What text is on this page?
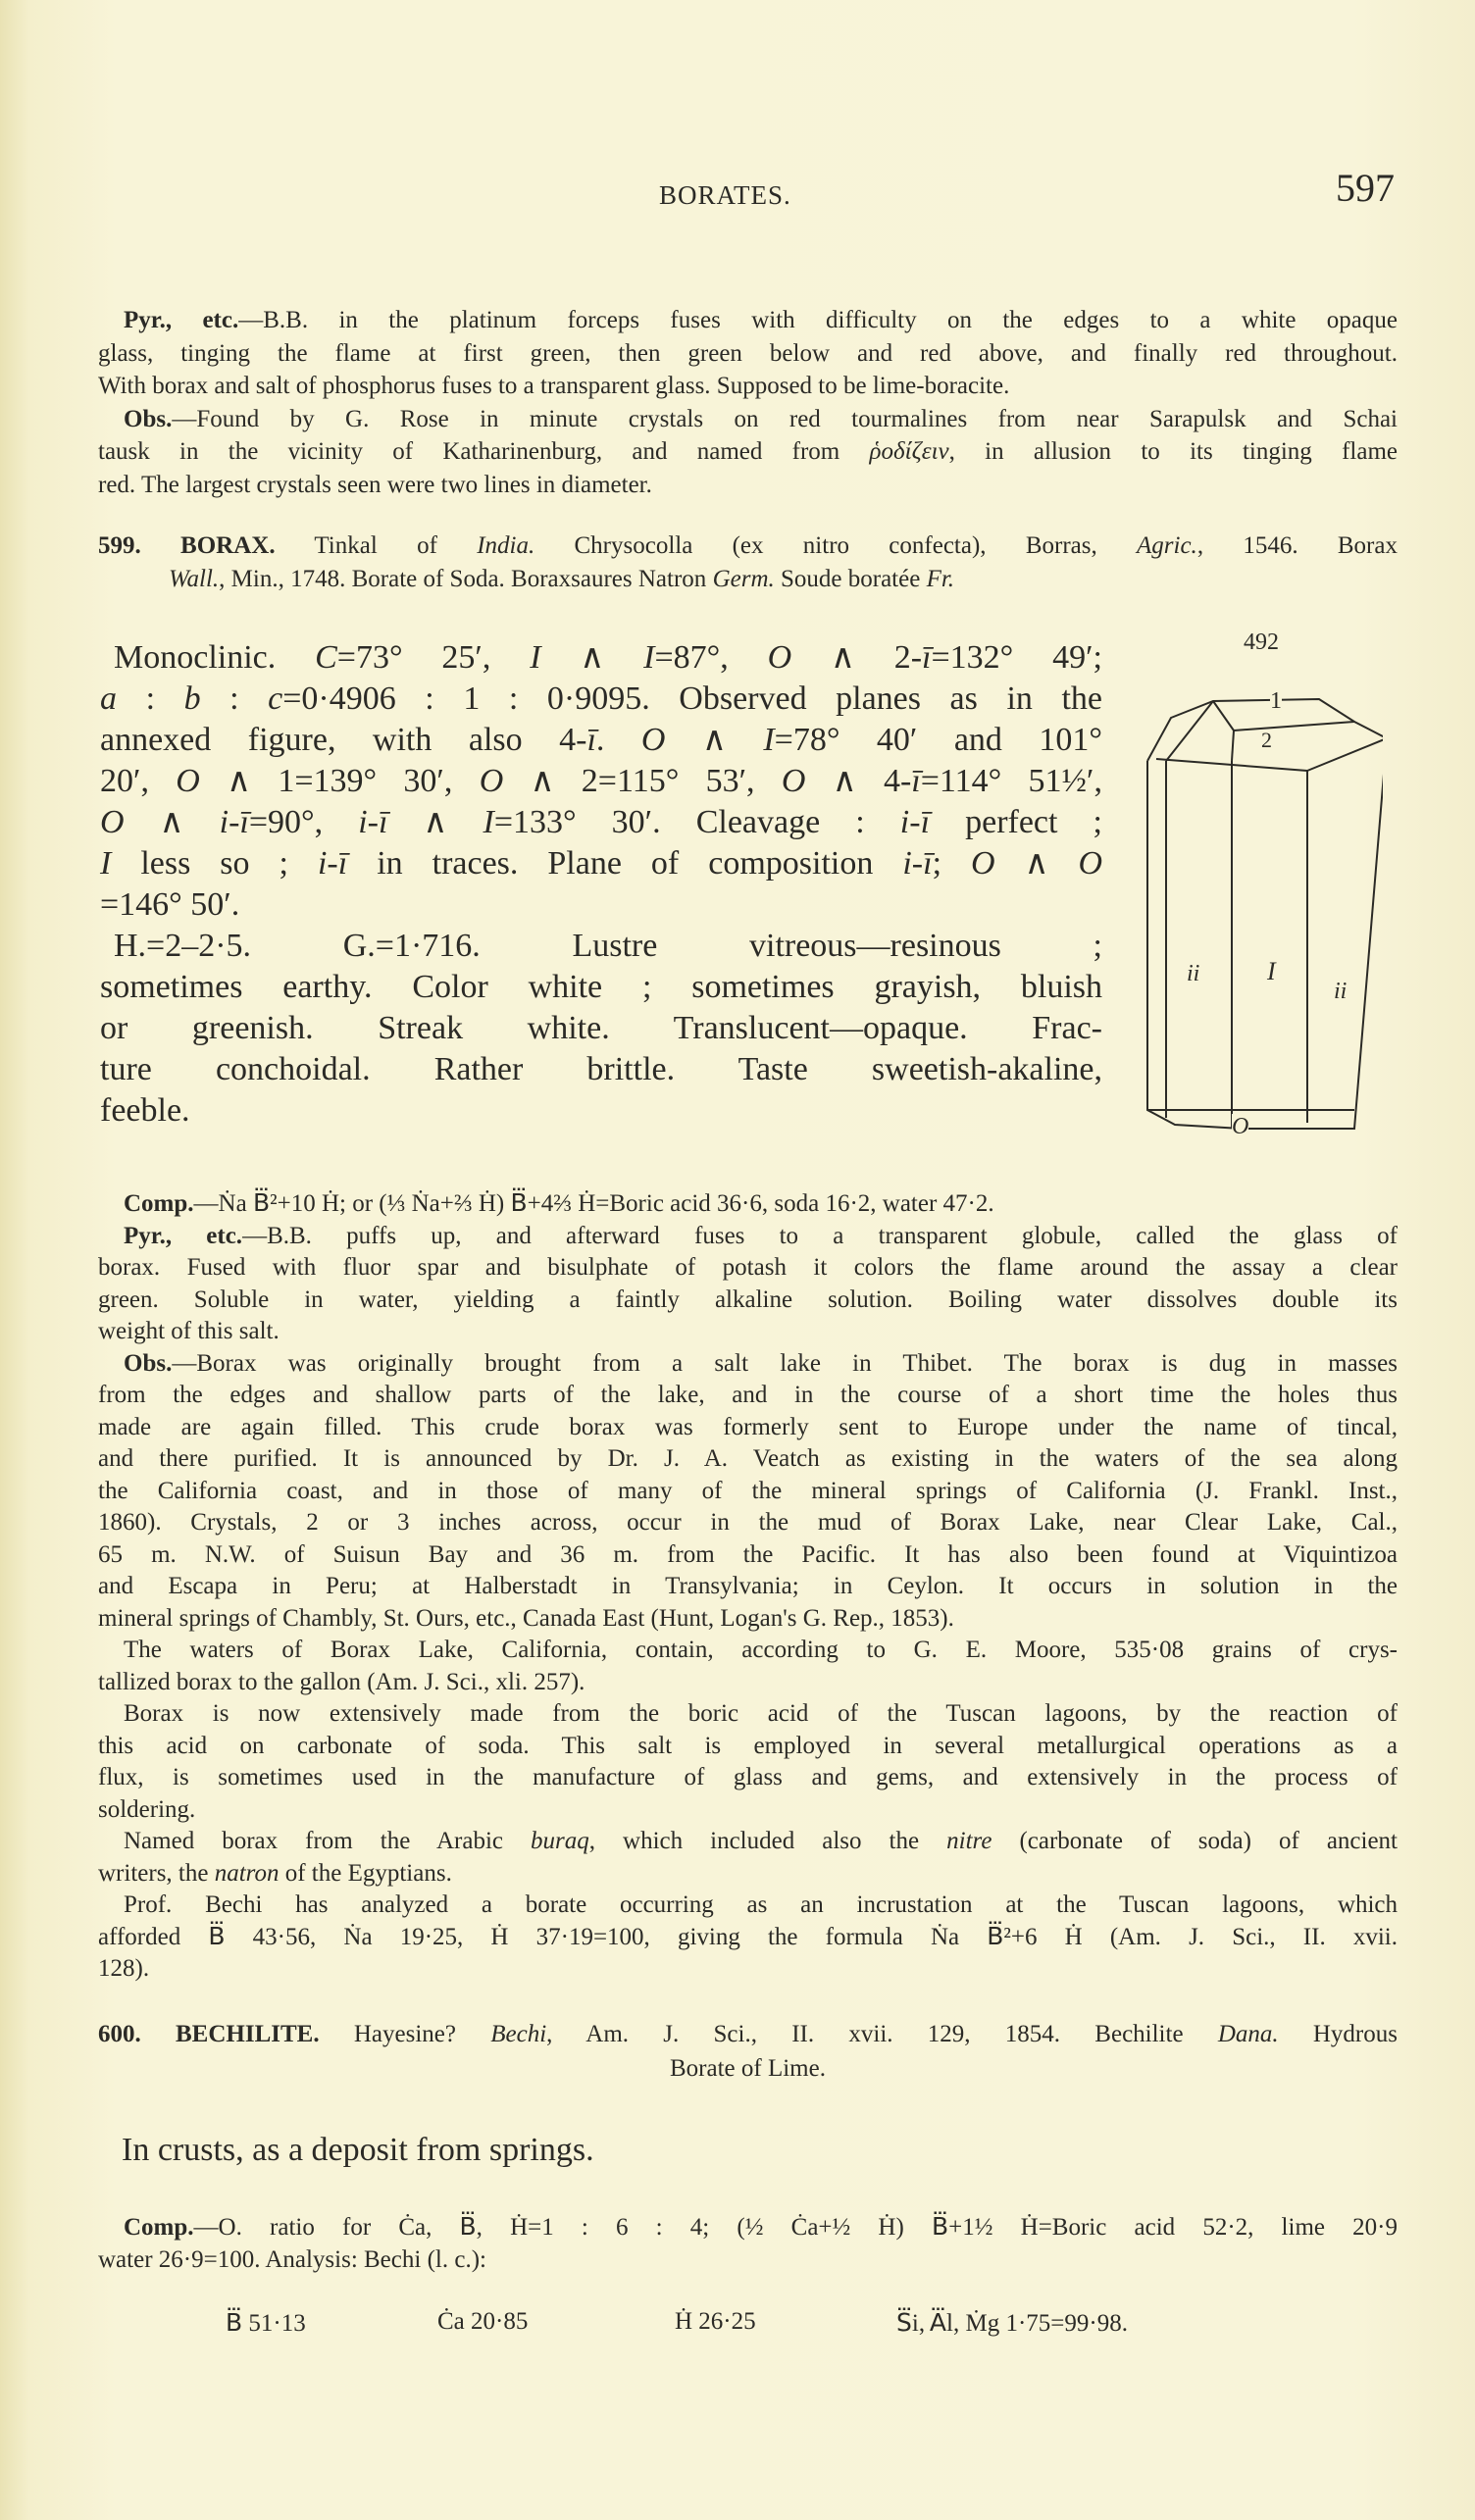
BORATES.	597
Pyr., etc.—B.B. in the platinum forceps fuses with difficulty on the edges to a white opaque
glass, tinging the flame at first green, then green below and red above, and finally red throughout.
With borax and salt of phosphorus fuses to a transparent glass. Supposed to be lime-boracite.
Obs.—Found by G. Rose in minute crystals on red tourmalines from near Sarapulsk and Schai
tausk in the vicinity of Katharinenburg, and named from ῥοδίζειν, in allusion to its tinging flame
red. The largest crystals seen were two lines in diameter.
599. BORAX. Tinkal of India. Chrysocolla (ex nitro confecta), Borras, Agric., 1546. Borax
Wall., Min., 1748. Borate of Soda. Boraxsaures Natron Germ. Soude boratée Fr.
Monoclinic. C=73° 25′, I ∧ I=87°, O ∧ 2-ī=132° 49′;
a : b : c=0·4906 : 1 : 0·9095. Observed planes as in the
annexed figure, with also 4-ī. O ∧ I=78° 40′ and 101°
20′, O ∧ 1=139° 30′, O ∧ 2=115° 53′, O ∧ 4-ī=114° 51½′,
O ∧ i-ī=90°, i-ī ∧ I=133° 30′. Cleavage : i-ī perfect ;
I less so ; i-ī in traces. Plane of composition i-ī; O ∧ O
=146° 50′.
H.=2–2·5. G.=1·716. Lustre vitreous—resinous ;
sometimes earthy. Color white ; sometimes grayish, bluish
or greenish. Streak white. Translucent—opaque. Frac-
ture conchoidal. Rather brittle. Taste sweetish-akaline,
feeble.
492
1
2
ii	I
ii
O
Comp.—Ṅa B⃛²+10 Ḣ; or (⅓ Ṅa+⅔ Ḣ) B⃛+4⅔ Ḣ=Boric acid 36·6, soda 16·2, water 47·2.
Pyr., etc.—B.B. puffs up, and afterward fuses to a transparent globule, called the glass of
borax. Fused with fluor spar and bisulphate of potash it colors the flame around the assay a clear
green. Soluble in water, yielding a faintly alkaline solution. Boiling water dissolves double its
weight of this salt.
Obs.—Borax was originally brought from a salt lake in Thibet. The borax is dug in masses
from the edges and shallow parts of the lake, and in the course of a short time the holes thus
made are again filled. This crude borax was formerly sent to Europe under the name of tincal,
and there purified. It is announced by Dr. J. A. Veatch as existing in the waters of the sea along
the California coast, and in those of many of the mineral springs of California (J. Frankl. Inst.,
1860). Crystals, 2 or 3 inches across, occur in the mud of Borax Lake, near Clear Lake, Cal.,
65 m. N.W. of Suisun Bay and 36 m. from the Pacific. It has also been found at Viquintizoa
and Escapa in Peru; at Halberstadt in Transylvania; in Ceylon. It occurs in solution in the
mineral springs of Chambly, St. Ours, etc., Canada East (Hunt, Logan's G. Rep., 1853).
The waters of Borax Lake, California, contain, according to G. E. Moore, 535·08 grains of crys-
tallized borax to the gallon (Am. J. Sci., xli. 257).
Borax is now extensively made from the boric acid of the Tuscan lagoons, by the reaction of
this acid on carbonate of soda. This salt is employed in several metallurgical operations as a
flux, is sometimes used in the manufacture of glass and gems, and extensively in the process of
soldering.
Named borax from the Arabic buraq, which included also the nitre (carbonate of soda) of ancient
writers, the natron of the Egyptians.
Prof. Bechi has analyzed a borate occurring as an incrustation at the Tuscan lagoons, which
afforded B⃛ 43·56, Ṅa 19·25, Ḣ 37·19=100, giving the formula Ṅa B⃛²+6 Ḣ (Am. J. Sci., II. xvii.
128).
600. BECHILITE. Hayesine? Bechi, Am. J. Sci., II. xvii. 129, 1854. Bechilite Dana. Hydrous
Borate of Lime.
In crusts, as a deposit from springs.
Comp.—O. ratio for Ċa, B⃛, Ḣ=1 : 6 : 4; (½ Ċa+½ Ḣ) B⃛+1½ Ḣ=Boric acid 52·2, lime 20·9
water 26·9=100. Analysis: Bechi (l. c.):
B⃛ 51·13	Ċa 20·85	Ḣ 26·25	S⃛i, A⃛l, Ṁg 1·75=99·98.
